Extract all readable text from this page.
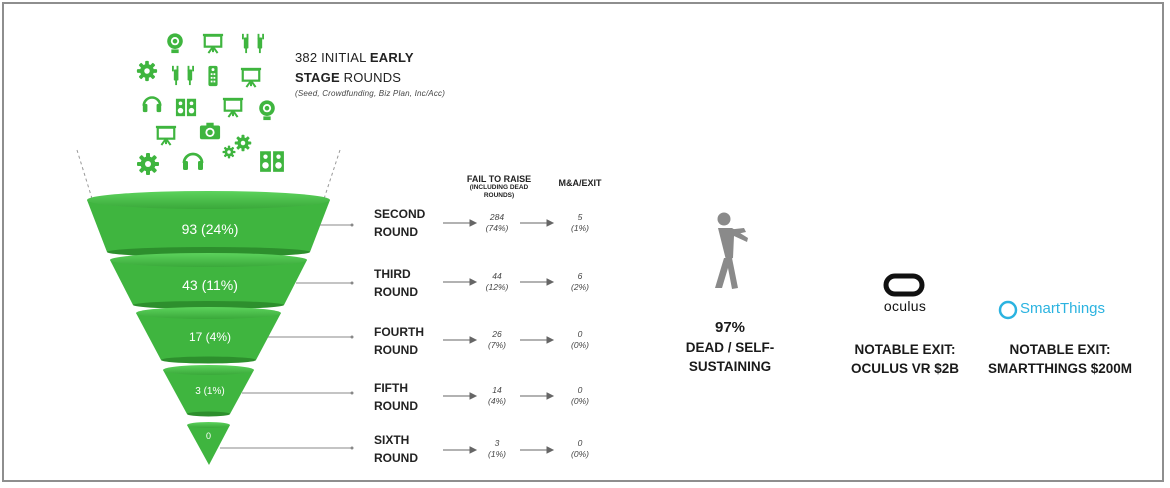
382 INITIAL EARLY
STAGE ROUNDS
(Seed, Crowdfunding, Biz Plan, Inc/Acc)
FAIL TO RAISE
(INCLUDING DEAD ROUNDS)
M&A/EXIT
93 (24%)
43 (11%)
17 (4%)
3 (1%)
0
SECOND
ROUND
THIRD
ROUND
FOURTH
ROUND
FIFTH
ROUND
SIXTH
ROUND
284
(74%)
44
(12%)
26
(7%)
14
(4%)
3
(1%)
5
(1%)
6
(2%)
0
(0%)
0
(0%)
0
(0%)
97%
DEAD / SELF-
SUSTAINING
oculus
NOTABLE EXIT:
OCULUS VR $2B
SmartThings
NOTABLE EXIT:
SMARTTHINGS $200M
